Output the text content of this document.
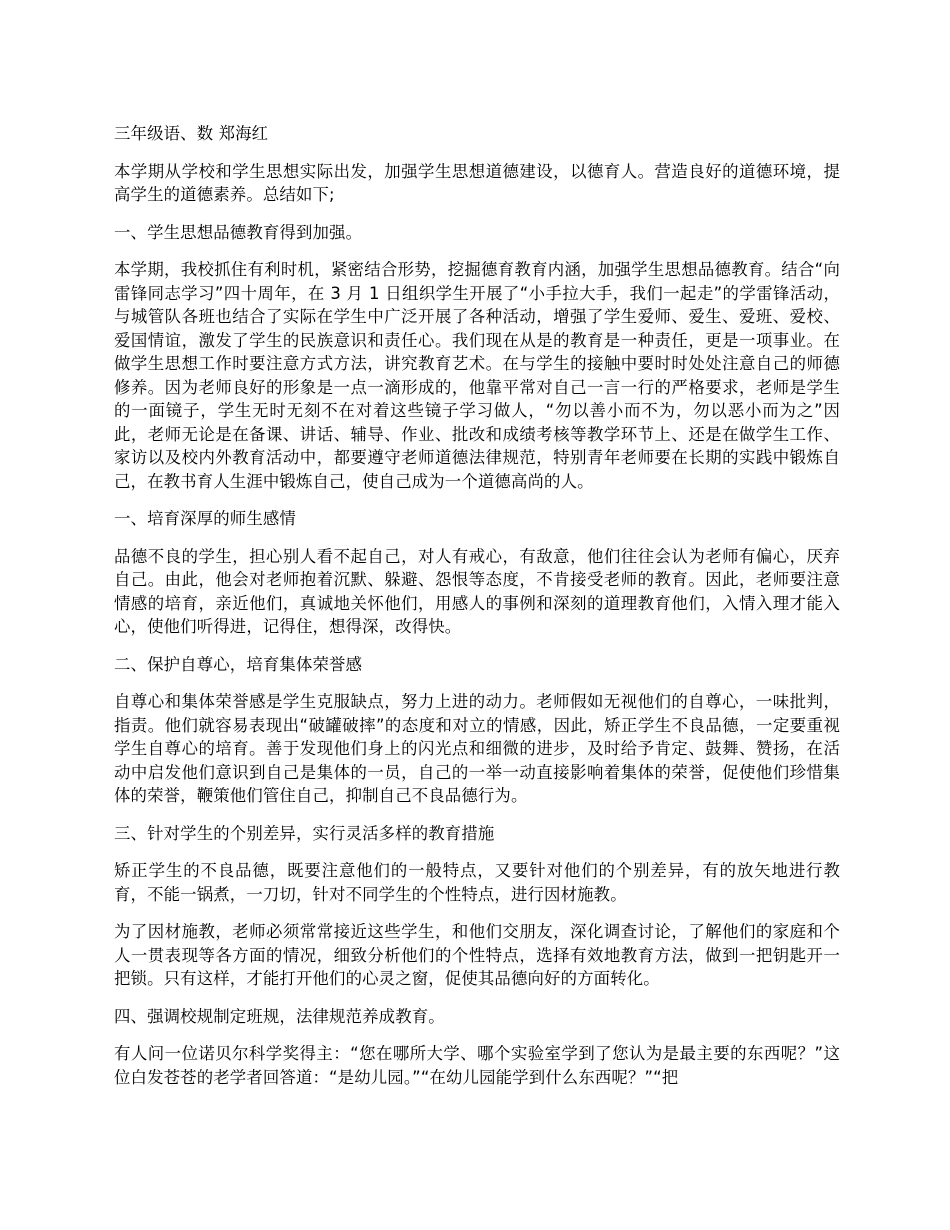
三年级语、数 郑海红

本学期从学校和学生思想实际出发，加强学生思想道德建设，以德育人。营造良好的道德环境，提高学生的道德素养。总结如下;

一、学生思想品德教育得到加强。

本学期，我校抓住有利时机，紧密结合形势，挖掘德育教育内涵，加强学生思想品德教育。结合“向雷锋同志学习”四十周年，在 3 月 1 日组织学生开展了“小手拉大手，我们一起走”的学雷锋活动，与城管队各班也结合了实际在学生中广泛开展了各种活动，增强了学生爱师、爱生、爱班、爱校、爱国情谊，激发了学生的民族意识和责任心。我们现在从是的教育是一种责任，更是一项事业。在做学生思想工作时要注意方式方法，讲究教育艺术。在与学生的接触中要时时处处注意自己的师德修养。因为老师良好的形象是一点一滴形成的，他靠平常对自己一言一行的严格要求，老师是学生的一面镜子，学生无时无刻不在对着这些镜子学习做人，“勿以善小而不为，勿以恶小而为之”因此，老师无论是在备课、讲话、辅导、作业、批改和成绩考核等教学环节上、还是在做学生工作、家访以及校内外教育活动中，都要遵守老师道德法律规范，特别青年老师要在长期的实践中锻炼自己，在教书育人生涯中锻炼自己，使自己成为一个道德高尚的人。

一、培育深厚的师生感情

品德不良的学生，担心别人看不起自己，对人有戒心，有敌意，他们往往会认为老师有偏心，厌弃自己。由此，他会对老师抱着沉默、躲避、怨恨等态度，不肯接受老师的教育。因此，老师要注意情感的培育，亲近他们，真诚地关怀他们，用感人的事例和深刻的道理教育他们，入情入理才能入心，使他们听得进，记得住，想得深，改得快。

二、保护自尊心，培育集体荣誉感

自尊心和集体荣誉感是学生克服缺点，努力上进的动力。老师假如无视他们的自尊心，一味批判，指责。他们就容易表现出“破罐破摔”的态度和对立的情感，因此，矫正学生不良品德，一定要重视学生自尊心的培育。善于发现他们身上的闪光点和细微的进步，及时给予肯定、鼓舞、赞扬，在活动中启发他们意识到自己是集体的一员，自己的一举一动直接影响着集体的荣誉，促使他们珍惜集体的荣誉，鞭策他们管住自己，抑制自己不良品德行为。

三、针对学生的个别差异，实行灵活多样的教育措施

矫正学生的不良品德，既要注意他们的一般特点，又要针对他们的个别差异，有的放矢地进行教育，不能一锅煮，一刀切，针对不同学生的个性特点，进行因材施教。

为了因材施教，老师必须常常接近这些学生，和他们交朋友，深化调查讨论，了解他们的家庭和个人一贯表现等各方面的情况，细致分析他们的个性特点，选择有效地教育方法，做到一把钥匙开一把锁。只有这样，才能打开他们的心灵之窗，促使其品德向好的方面转化。

四、强调校规制定班规，法律规范养成教育。

有人问一位诺贝尔科学奖得主：“您在哪所大学、哪个实验室学到了您认为是最主要的东西呢？”这位白发苍苍的老学者回答道：“是幼儿园。”“在幼儿园能学到什么东西呢？”“把
